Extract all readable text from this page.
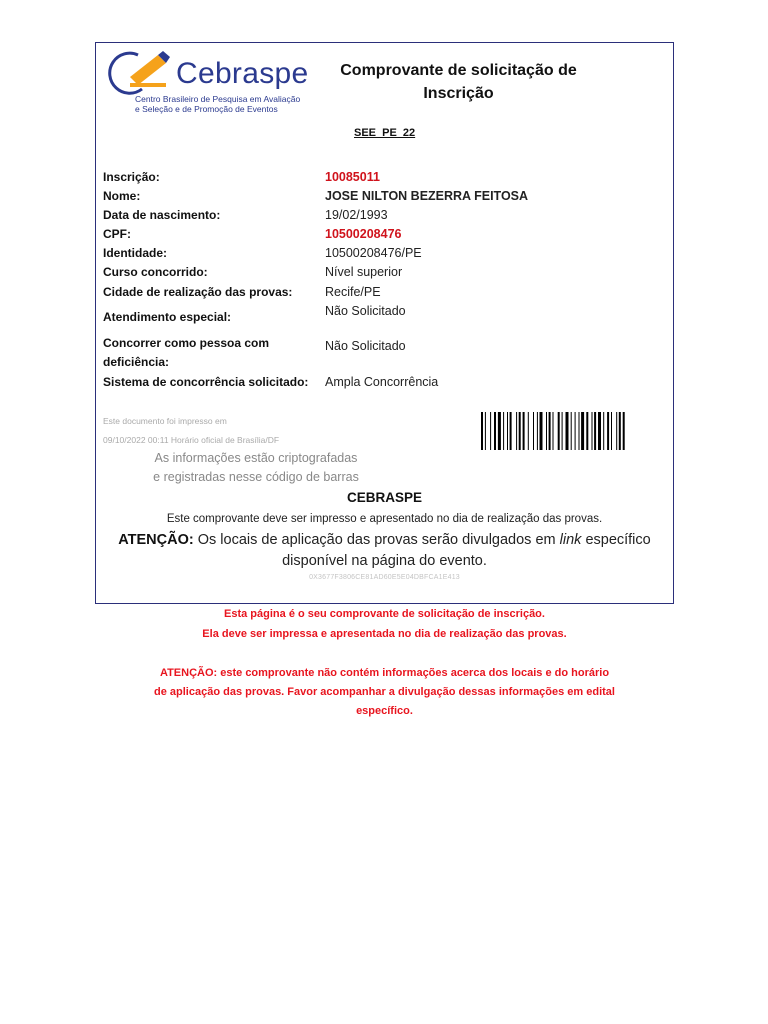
Cebraspe
Centro Brasileiro de Pesquisa em Avaliação
e Seleção e de Promoção de Eventos
Comprovante de solicitação de
Inscrição
SEE_PE_22
Inscrição:
Nome:
Data de nascimento:
CPF:
Identidade:
Curso concorrido:
Cidade de realização das provas:
Atendimento especial:
Concorrer como pessoa com
deficiência:
Sistema de concorrência solicitado:
10085011
JOSE NILTON BEZERRA FEITOSA
19/02/1993
10500208476
10500208476/PE
Nível superior
Recife/PE
Não Solicitado
Não Solicitado
Ampla Concorrência
Este documento foi impresso em
09/10/2022 00:11 Horário oficial de Brasília/DF
As informações estão criptografadas
e registradas nesse código de barras
CEBRASPE
Este comprovante deve ser impresso e apresentado no dia de realização das provas.
ATENÇÃO: Os locais de aplicação das provas serão divulgados em link específico
disponível na página do evento.
0X3677F3806CE81AD60E5E04DBFCA1E413
Esta página é o seu comprovante de solicitação de inscrição.
Ela deve ser impressa e apresentada no dia de realização das provas.
ATENÇÃO: este comprovante não contém informações acerca dos locais e do horário
de aplicação das provas. Favor acompanhar a divulgação dessas informações em edital
específico.
